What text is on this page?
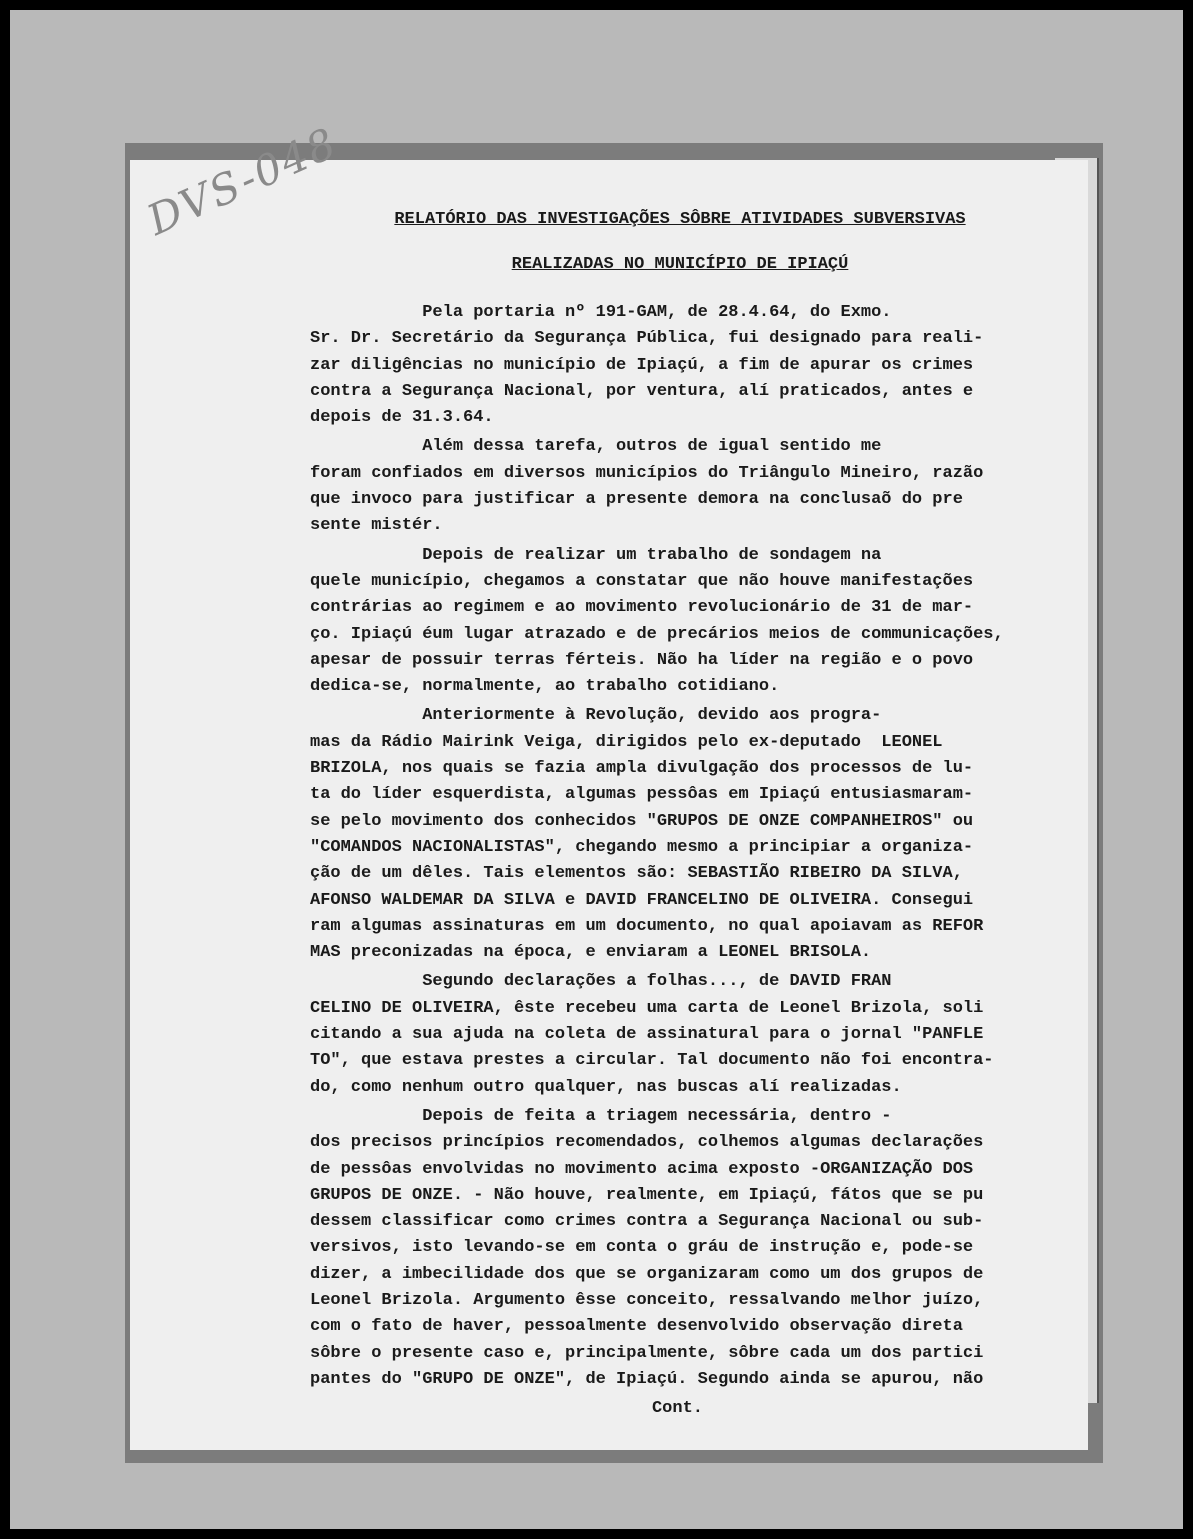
DVS-048	RELATÓRIO DAS INVESTIGAÇÕES SÔBRE ATIVIDADES SUBVERSIVAS
REALIZADAS NO MUNICÍPIO DE IPIAÇÚ
Pela portaria nº 191-GAM, de 28.4.64, do Exmo.
Sr. Dr. Secretário da Segurança Pública, fui designado para reali-
zar diligências no município de Ipiaçú, a fim de apurar os crimes
contra a Segurança Nacional, por ventura, alí praticados, antes e
depois de 31.3.64.
Além dessa tarefa, outros de igual sentido me
foram confiados em diversos municípios do Triângulo Mineiro, razão
que invoco para justificar a presente demora na conclusaõ do pre
sente mistér.
Depois de realizar um trabalho de sondagem na
quele município, chegamos a constatar que não houve manifestações
contrárias ao regimem e ao movimento revolucionário de 31 de mar-
ço. Ipiaçú éum lugar atrazado e de precários meios de communicações,
apesar de possuir terras férteis. Não ha líder na região e o povo
dedica-se, normalmente, ao trabalho cotidiano.
Anteriormente à Revolução, devido aos progra-
mas da Rádio Mairink Veiga, dirigidos pelo ex-deputado  LEONEL
BRIZOLA, nos quais se fazia ampla divulgação dos processos de lu-
ta do líder esquerdista, algumas pessôas em Ipiaçú entusiasmaram-
se pelo movimento dos conhecidos "GRUPOS DE ONZE COMPANHEIROS" ou
"COMANDOS NACIONALISTAS", chegando mesmo a principiar a organiza-
ção de um dêles. Tais elementos são: SEBASTIÃO RIBEIRO DA SILVA,
AFONSO WALDEMAR DA SILVA e DAVID FRANCELINO DE OLIVEIRA. Consegui
ram algumas assinaturas em um documento, no qual apoiavam as REFOR
MAS preconizadas na época, e enviaram a LEONEL BRISOLA.
Segundo declarações a folhas..., de DAVID FRAN
CELINO DE OLIVEIRA, êste recebeu uma carta de Leonel Brizola, soli
citando a sua ajuda na coleta de assinatural para o jornal "PANFLE
TO", que estava prestes a circular. Tal documento não foi encontra-
do, como nenhum outro qualquer, nas buscas alí realizadas.
Depois de feita a triagem necessária, dentro -
dos precisos princípios recomendados, colhemos algumas declarações
de pessôas envolvidas no movimento acima exposto -ORGANIZAÇÃO DOS
GRUPOS DE ONZE. - Não houve, realmente, em Ipiaçú, fátos que se pu
dessem classificar como crimes contra a Segurança Nacional ou sub-
versivos, isto levando-se em conta o gráu de instrução e, pode-se
dizer, a imbecilidade dos que se organizaram como um dos grupos de
Leonel Brizola. Argumento êsse conceito, ressalvando melhor juízo,
com o fato de haver, pessoalmente desenvolvido observação direta
sôbre o presente caso e, principalmente, sôbre cada um dos partici
pantes do "GRUPO DE ONZE", de Ipiaçú. Segundo ainda se apurou, não
Cont.
